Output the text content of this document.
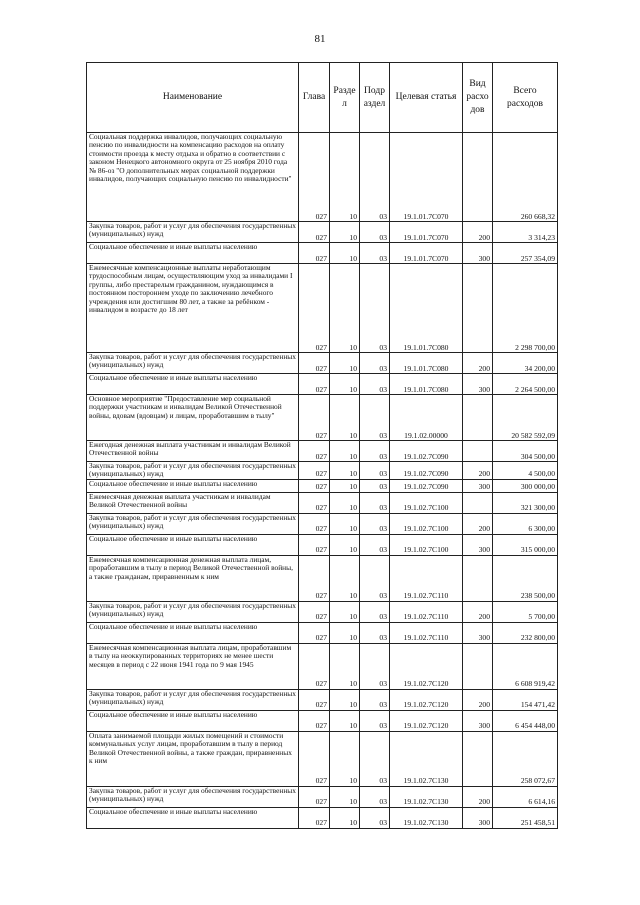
81
Наименование	Глава	Разде л	Подр аздел	Целевая статья	Вид расхо дов	Всего расходов
Социальная поддержка инвалидов, получающих социальную пенсию по инвалидности на компенсацию расходов на оплату стоимости проезда к месту отдыха и обратно в соответствии с законом Ненецкого автономного округа от 25 ноября 2010 года № 86-оз "О дополнительных мерах социальной поддержки инвалидов, получающих социальную пенсию по инвалидности"	027	10	03	19.1.01.7С070		260 668,32
Закупка товаров, работ и услуг для обеспечения государственных (муниципальных) нужд	027	10	03	19.1.01.7С070	200	3 314,23
Социальное обеспечение и иные выплаты населению	027	10	03	19.1.01.7С070	300	257 354,09
Ежемесячные компенсационные выплаты неработающим трудоспособным лицам, осуществляющим уход за инвалидами I группы, либо престарелым гражданином, нуждающимся в постоянном постороннем уходе по заключению лечебного учреждения или достигшим 80 лет, а также за ребёнком - инвалидом в возрасте до 18 лет	027	10	03	19.1.01.7С080		2 298 700,00
Закупка товаров, работ и услуг для обеспечения государственных (муниципальных) нужд	027	10	03	19.1.01.7С080	200	34 200,00
Социальное обеспечение и иные выплаты населению	027	10	03	19.1.01.7С080	300	2 264 500,00
Основное мероприятие "Предоставление мер социальной поддержки участникам и инвалидам Великой Отечественной войны, вдовам (вдовцам) и лицам, проработавшим в тылу"	027	10	03	19.1.02.00000		20 582 592,09
Ежегодная денежная выплата участникам и инвалидам Великой Отечественной войны	027	10	03	19.1.02.7С090		304 500,00
Закупка товаров, работ и услуг для обеспечения государственных (муниципальных) нужд	027	10	03	19.1.02.7С090	200	4 500,00
Социальное обеспечение и иные выплаты населению	027	10	03	19.1.02.7С090	300	300 000,00
Ежемесячная денежная выплата участникам и инвалидам Великой Отечественной войны	027	10	03	19.1.02.7С100		321 300,00
Закупка товаров, работ и услуг для обеспечения государственных (муниципальных) нужд	027	10	03	19.1.02.7С100	200	6 300,00
Социальное обеспечение и иные выплаты населению	027	10	03	19.1.02.7С100	300	315 000,00
Ежемесячная компенсационная денежная выплата лицам, проработавшим в тылу в период Великой Отечественной войны, а также гражданам, приравненным к ним	027	10	03	19.1.02.7С110		238 500,00
Закупка товаров, работ и услуг для обеспечения государственных (муниципальных) нужд	027	10	03	19.1.02.7С110	200	5 700,00
Социальное обеспечение и иные выплаты населению	027	10	03	19.1.02.7С110	300	232 800,00
Ежемесячная компенсационная выплата лицам, проработавшим в тылу на неоккупированных территориях не менее шести месяцев в период с 22 июня 1941 года по 9 мая 1945	027	10	03	19.1.02.7С120		6 608 919,42
Закупка товаров, работ и услуг для обеспечения государственных (муниципальных) нужд	027	10	03	19.1.02.7С120	200	154 471,42
Социальное обеспечение и иные выплаты населению	027	10	03	19.1.02.7С120	300	6 454 448,00
Оплата занимаемой площади жилых помещений и стоимости коммунальных услуг лицам, проработавшим в тылу в период Великой Отечественной войны, а также граждан, приравненных к ним	027	10	03	19.1.02.7С130		258 072,67
Закупка товаров, работ и услуг для обеспечения государственных (муниципальных) нужд	027	10	03	19.1.02.7С130	200	6 614,16
Социальное обеспечение и иные выплаты населению	027	10	03	19.1.02.7С130	300	251 458,51
